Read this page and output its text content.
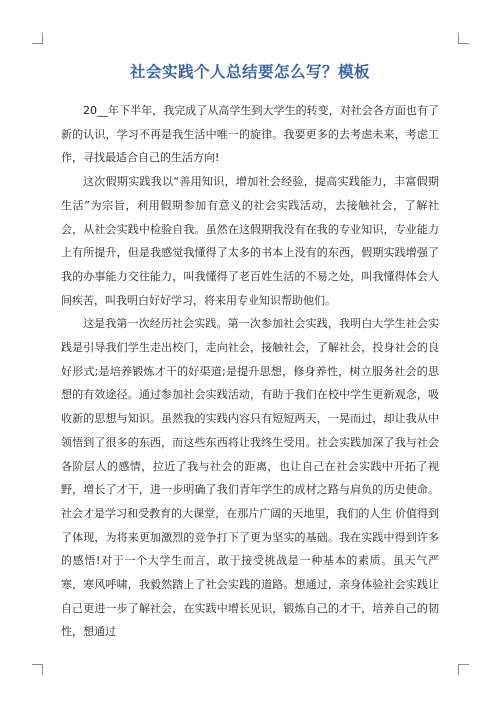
社会实践个人总结要怎么写？模板

20__年下半年，我完成了从高学生到大学生的转变，对社会各方面也有了新的认识，学习不再是我生活中唯一的旋律。我要更多的去考虑未来，考虑工作，寻找最适合自己的生活方向!

这次假期实践我以“善用知识，增加社会经验，提高实践能力，丰富假期生活”为宗旨，利用假期参加有意义的社会实践活动，去接触社会，了解社会，从社会实践中检验自我。虽然在这假期我没有在我的专业知识，专业能力上有所提升，但是我感觉我懂得了太多的书本上没有的东西，假期实践增强了我的办事能力交往能力，叫我懂得了老百姓生活的不易之处，叫我懂得体会人间疾苦，叫我明白好好学习，将来用专业知识帮助他们。

这是我第一次经历社会实践。第一次参加社会实践，我明白大学生社会实践是引导我们学生走出校门，走向社会，接触社会，了解社会，投身社会的良好形式;是培养锻炼才干的好渠道;是提升思想，修身养性，树立服务社会的思想的有效途径。通过参加社会实践活动，有助于我们在校中学生更新观念，吸收新的思想与知识。虽然我的实践内容只有短短两天，一晃而过，却让我从中领悟到了很多的东西，而这些东西将让我终生受用。社会实践加深了我与社会各阶层人的感情，拉近了我与社会的距离，也让自己在社会实践中开拓了视野，增长了才干，进一步明确了我们青年学生的成材之路与肩负的历史使命。社会才是学习和受教育的大课堂，在那片广阔的天地里，我们的人生 价值得到了体现，为将来更加激烈的竞争打下了更为坚实的基础。我在实践中得到许多的感悟!对于一个大学生而言，敢于接受挑战是一种基本的素质。虽天气严寒，寒风呼啸，我毅然踏上了社会实践的道路。想通过，亲身体验社会实践让自己更进一步了解社会，在实践中增长见识，锻炼自己的才干，培养自己的韧性，想通过
